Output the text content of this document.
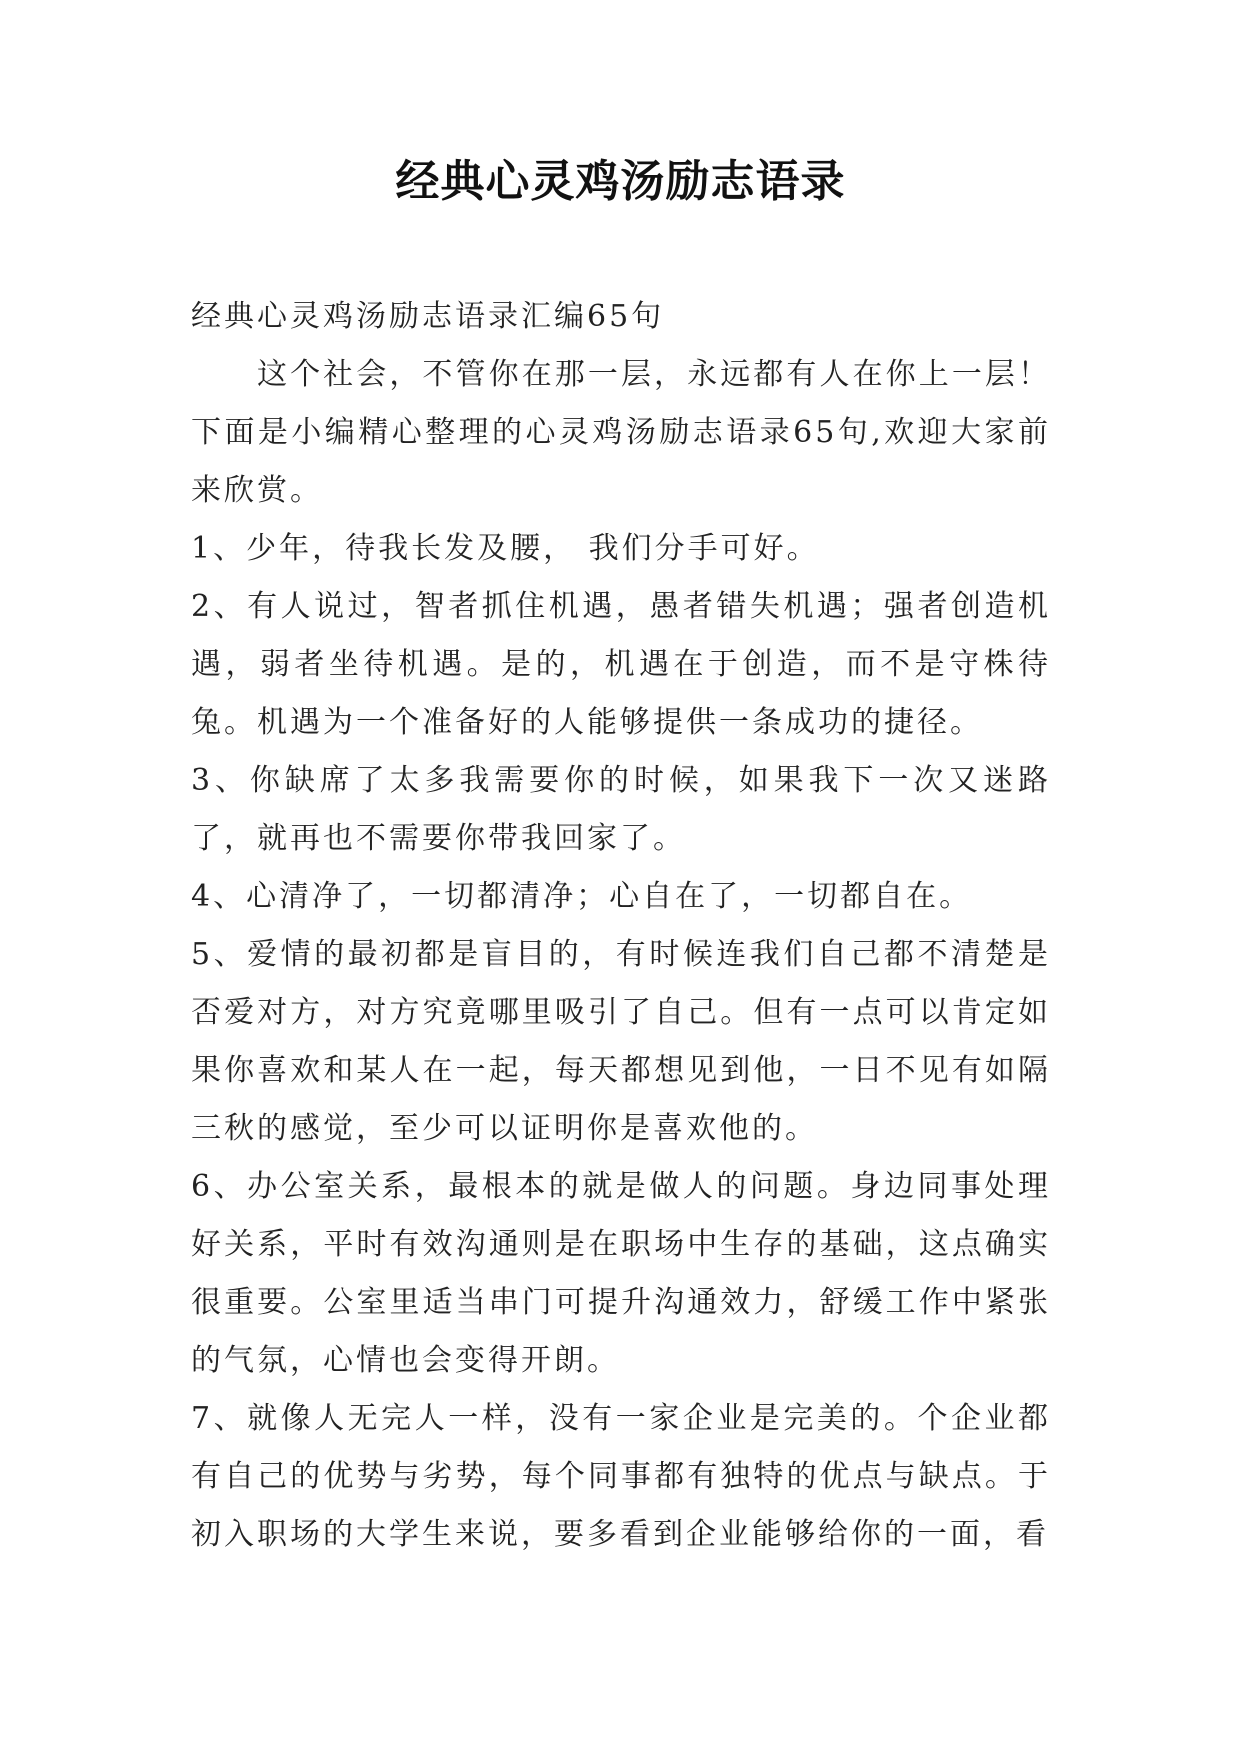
经典心灵鸡汤励志语录

经典心灵鸡汤励志语录汇编65句

这个社会，不管你在那一层，永远都有人在你上一层！下面是小编精心整理的心灵鸡汤励志语录65句,欢迎大家前来欣赏。

1、少年，待我长发及腰， 我们分手可好。

2、有人说过，智者抓住机遇，愚者错失机遇；强者创造机遇，弱者坐待机遇。是的，机遇在于创造，而不是守株待兔。机遇为一个准备好的人能够提供一条成功的捷径。

3、你缺席了太多我需要你的时候，如果我下一次又迷路了，就再也不需要你带我回家了。

4、心清净了，一切都清净；心自在了，一切都自在。

5、爱情的最初都是盲目的，有时候连我们自己都不清楚是否爱对方，对方究竟哪里吸引了自己。但有一点可以肯定如果你喜欢和某人在一起，每天都想见到他，一日不见有如隔三秋的感觉，至少可以证明你是喜欢他的。

6、办公室关系，最根本的就是做人的问题。身边同事处理好关系，平时有效沟通则是在职场中生存的基础，这点确实很重要。公室里适当串门可提升沟通效力，舒缓工作中紧张的气氛，心情也会变得开朗。

7、就像人无完人一样，没有一家企业是完美的。个企业都有自己的优势与劣势，每个同事都有独特的优点与缺点。于初入职场的大学生来说，要多看到企业能够给你的一面，看
